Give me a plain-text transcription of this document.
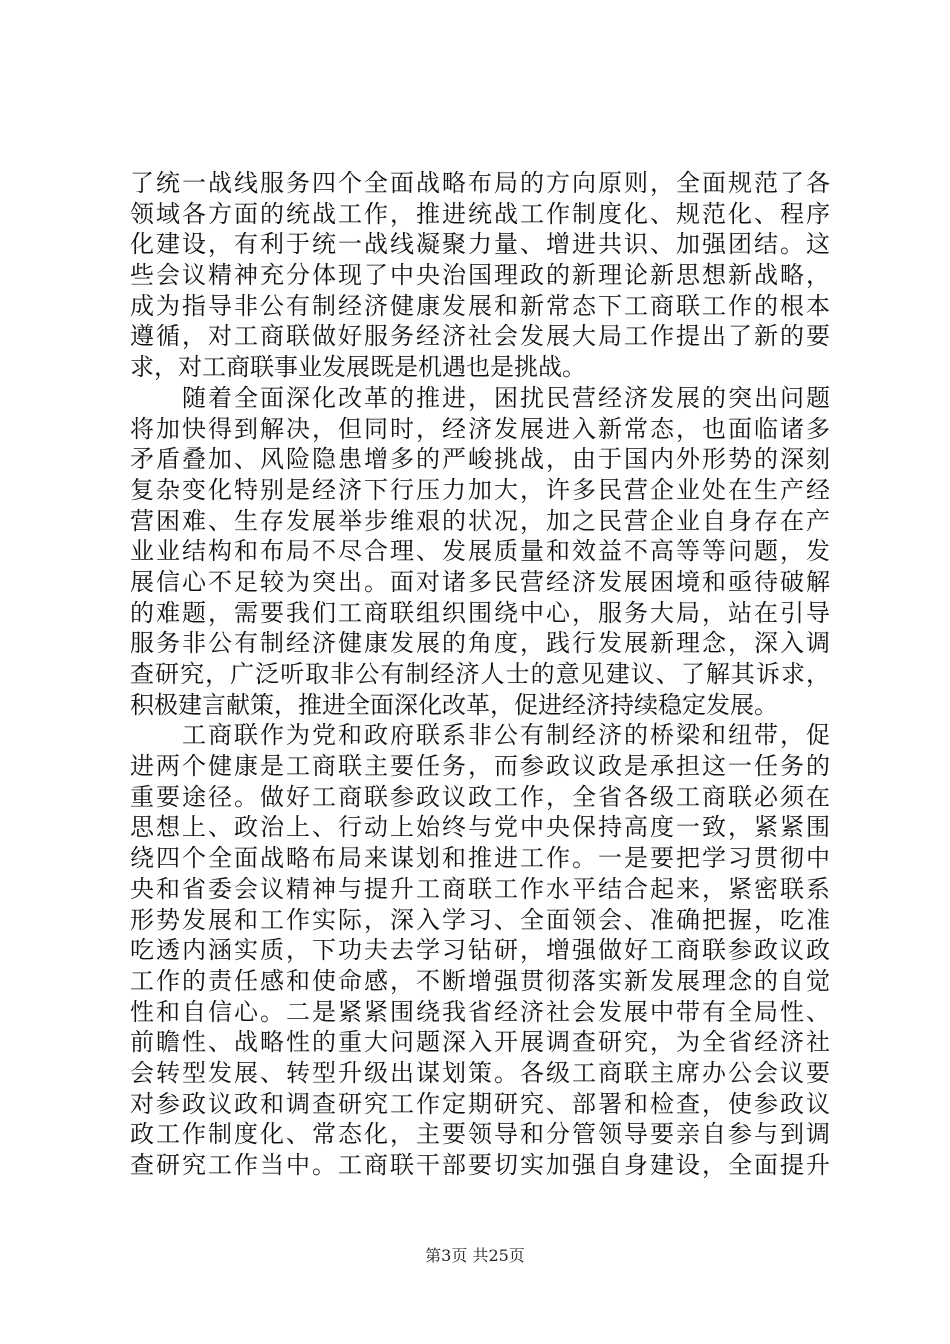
了统一战线服务四个全面战略布局的方向原则，全面规范了各
领域各方面的统战工作，推进统战工作制度化、规范化、程序
化建设，有利于统一战线凝聚力量、增进共识、加强团结。这
些会议精神充分体现了中央治国理政的新理论新思想新战略，
成为指导非公有制经济健康发展和新常态下工商联工作的根本
遵循，对工商联做好服务经济社会发展大局工作提出了新的要
求，对工商联事业发展既是机遇也是挑战。
　　随着全面深化改革的推进，困扰民营经济发展的突出问题
将加快得到解决，但同时，经济发展进入新常态，也面临诸多
矛盾叠加、风险隐患增多的严峻挑战，由于国内外形势的深刻
复杂变化特别是经济下行压力加大，许多民营企业处在生产经
营困难、生存发展举步维艰的状况，加之民营企业自身存在产
业业结构和布局不尽合理、发展质量和效益不高等等问题，发
展信心不足较为突出。面对诸多民营经济发展困境和亟待破解
的难题，需要我们工商联组织围绕中心，服务大局，站在引导
服务非公有制经济健康发展的角度，践行发展新理念，深入调
查研究，广泛听取非公有制经济人士的意见建议、了解其诉求，
积极建言献策，推进全面深化改革，促进经济持续稳定发展。
　　工商联作为党和政府联系非公有制经济的桥梁和纽带，促
进两个健康是工商联主要任务，而参政议政是承担这一任务的
重要途径。做好工商联参政议政工作，全省各级工商联必须在
思想上、政治上、行动上始终与党中央保持高度一致，紧紧围
绕四个全面战略布局来谋划和推进工作。一是要把学习贯彻中
央和省委会议精神与提升工商联工作水平结合起来，紧密联系
形势发展和工作实际，深入学习、全面领会、准确把握，吃准
吃透内涵实质，下功夫去学习钻研，增强做好工商联参政议政
工作的责任感和使命感，不断增强贯彻落实新发展理念的自觉
性和自信心。二是紧紧围绕我省经济社会发展中带有全局性、
前瞻性、战略性的重大问题深入开展调查研究，为全省经济社
会转型发展、转型升级出谋划策。各级工商联主席办公会议要
对参政议政和调查研究工作定期研究、部署和检查，使参政议
政工作制度化、常态化，主要领导和分管领导要亲自参与到调
查研究工作当中。工商联干部要切实加强自身建设，全面提升
第3页 共25页
